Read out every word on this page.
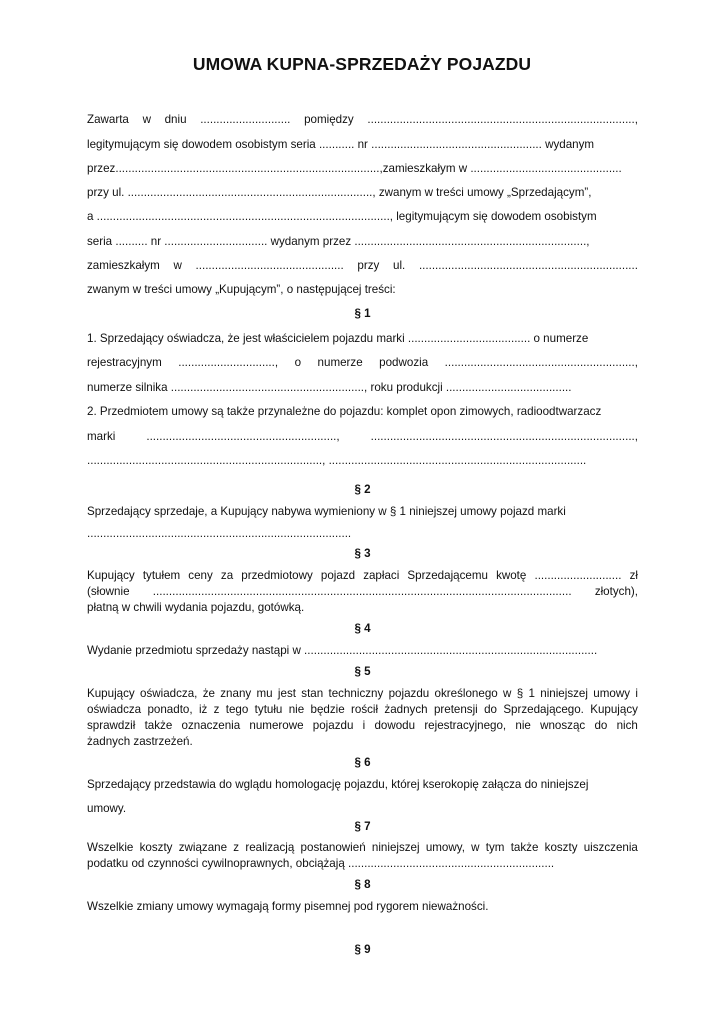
UMOWA KUPNA-SPRZEDAŻY POJAZDU
Zawarta w dniu ............................ pomiędzy ...................................................................................,
legitymującym się dowodem osobistym seria ........... nr ..................................................... wydanym
przez..................................................................................,zamieszkałym w ...............................................
przy ul. ............................................................................, zwanym w treści umowy „Sprzedającym”,
a ..........................................................................................., legitymującym się dowodem osobistym
seria .......... nr ................................ wydanym przez ........................................................................,
zamieszkałym w .............................................. przy ul. ....................................................................
zwanym w treści umowy „Kupującym”, o następującej treści:
§ 1
1. Sprzedający oświadcza, że jest właścicielem pojazdu marki ...................................... o numerze
rejestracyjnym .............................., o numerze podwozia ...........................................................,
numerze silnika ............................................................, roku produkcji .......................................
2. Przedmiotem umowy są także przynależne do pojazdu: komplet opon zimowych, radioodtwarzacz
marki	...........................................................,	..................................................................................,
........................................................................., ................................................................................
§ 2
Sprzedający sprzedaje, a Kupujący nabywa wymieniony w § 1 niniejszej umowy pojazd marki
..................................................................................
§ 3
Kupujący tytułem ceny za przedmiotowy pojazd zapłaci Sprzedającemu kwotę ........................... zł
(słownie .................................................................................................................................. złotych),
płatną w chwili wydania pojazdu, gotówką.
§ 4
Wydanie przedmiotu sprzedaży nastąpi w ...........................................................................................
§ 5
Kupujący oświadcza, że znany mu jest stan techniczny pojazdu określonego w § 1 niniejszej umowy i
oświadcza ponadto, iż z tego tytułu nie będzie rościł żadnych pretensji do Sprzedającego. Kupujący
sprawdził także oznaczenia numerowe pojazdu i dowodu rejestracyjnego, nie wnosząc do nich
żadnych zastrzeżeń.
§ 6
Sprzedający przedstawia do wglądu homologację pojazdu, której kserokopię załącza do niniejszej
umowy.
§ 7
Wszelkie koszty związane z realizacją postanowień niniejszej umowy, w tym także koszty uiszczenia
podatku od czynności cywilnoprawnych, obciążają ................................................................
§ 8
Wszelkie zmiany umowy wymagają formy pisemnej pod rygorem nieważności.
§ 9
